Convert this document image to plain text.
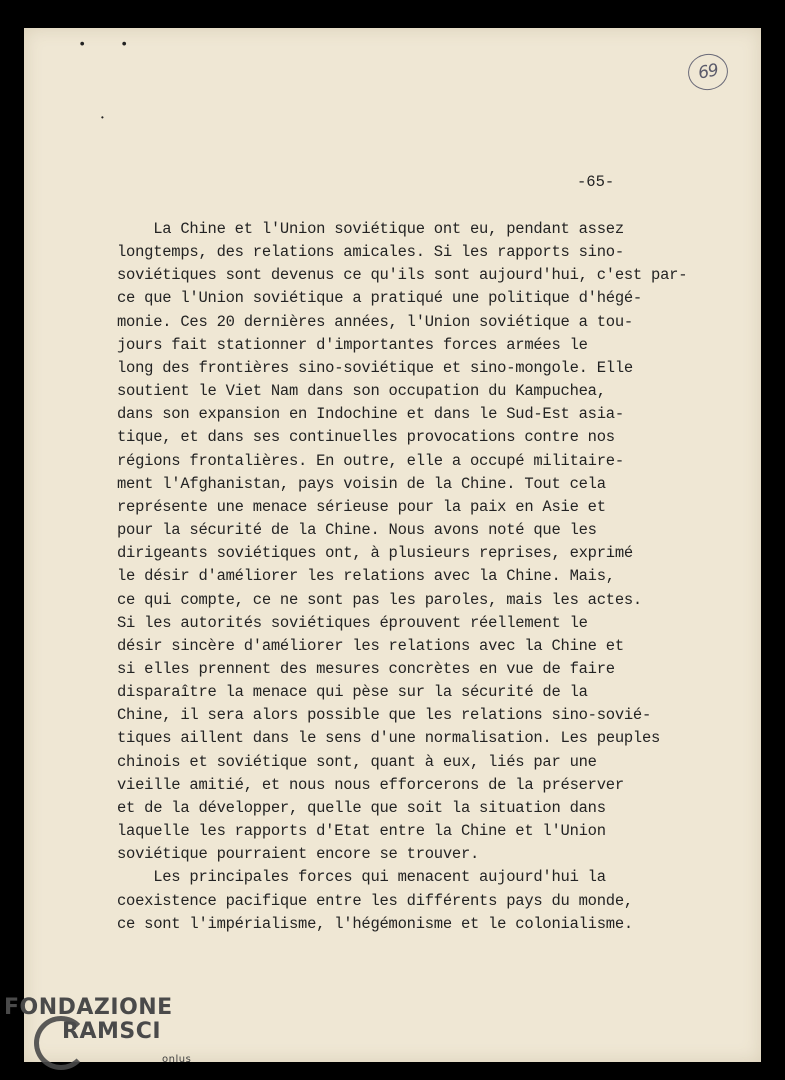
• •
•
69
-65-
La Chine et l'Union soviétique ont eu, pendant assez
longtemps, des relations amicales. Si les rapports sino-
soviétiques sont devenus ce qu'ils sont aujourd'hui, c'est par-
ce que l'Union soviétique a pratiqué une politique d'hégé-
monie. Ces 20 dernières années, l'Union soviétique a tou-
jours fait stationner d'importantes forces armées le
long des frontières sino-soviétique et sino-mongole. Elle
soutient le Viet Nam dans son occupation du Kampuchea,
dans son expansion en Indochine et dans le Sud-Est asia-
tique, et dans ses continuelles provocations contre nos
régions frontalières. En outre, elle a occupé militaire-
ment l'Afghanistan, pays voisin de la Chine. Tout cela
représente une menace sérieuse pour la paix en Asie et
pour la sécurité de la Chine. Nous avons noté que les
dirigeants soviétiques ont, à plusieurs reprises, exprimé
le désir d'améliorer les relations avec la Chine. Mais,
ce qui compte, ce ne sont pas les paroles, mais les actes.
Si les autorités soviétiques éprouvent réellement le
désir sincère d'améliorer les relations avec la Chine et
si elles prennent des mesures concrètes en vue de faire
disparaître la menace qui pèse sur la sécurité de la
Chine, il sera alors possible que les relations sino-sovié-
tiques aillent dans le sens d'une normalisation. Les peuples
chinois et soviétique sont, quant à eux, liés par une
vieille amitié, et nous nous efforcerons de la préserver
et de la développer, quelle que soit la situation dans
laquelle les rapports d'Etat entre la Chine et l'Union
soviétique pourraient encore se trouver.
Les principales forces qui menacent aujourd'hui la
coexistence pacifique entre les différents pays du monde,
ce sont l'impérialisme, l'hégémonisme et le colonialisme.
FONDAZIONE
RAMSCI
onlus
